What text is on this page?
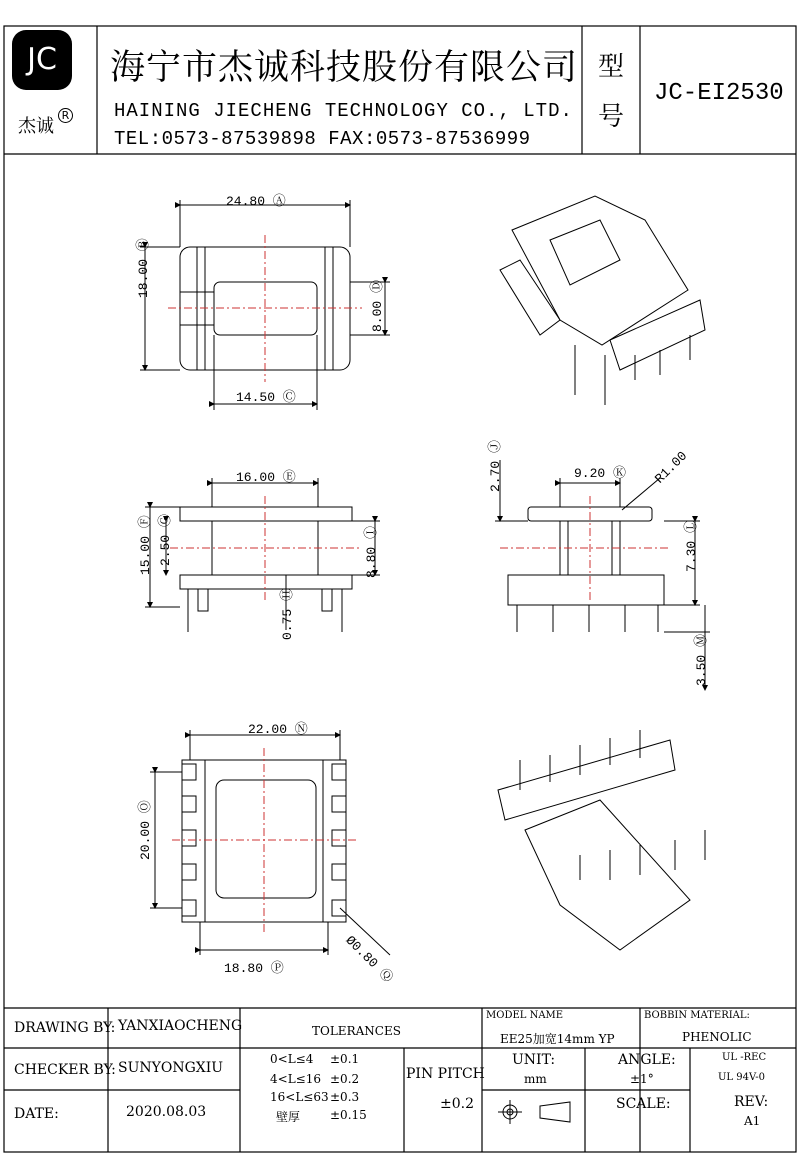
JC
杰诚
R
海宁市杰诚科技股份有限公司
HAINING JIECHENG TECHNOLOGY CO., LTD.
TEL:0573-87539898 FAX:0573-87536999
型
号
JC-EI2530
24.80 Ⓐ
18.00 Ⓑ
14.50 Ⓒ
8.00 Ⓓ
16.00 Ⓔ
15.00 Ⓕ 2.50 Ⓖ
0.75 Ⓗ
8.80 Ⓘ
2.70 Ⓙ	9.20 Ⓚ R1.00
7.30 Ⓛ
3.50 Ⓜ
22.00 Ⓝ
20.00 Ⓞ
18.80 Ⓟ	Ø0.80 Ⓠ
DRAWING BY: YANXIAOCHENG
CHECKER BY: SUNYONGXIU
DATE:	2020.08.03
TOLERANCES
0<L≤4 ±0.1
4<L≤16 ±0.2
16<L≤63 ±0.3
壁厚 ±0.15
PIN PITCH
±0.2
MODEL NAME
EE25加宽14mm YP
UNIT:
mm
ANGLE:
±1°
SCALE:
BOBBIN MATERIAL:
PHENOLIC
UL -REC
UL 94V-0
REV:
A1
